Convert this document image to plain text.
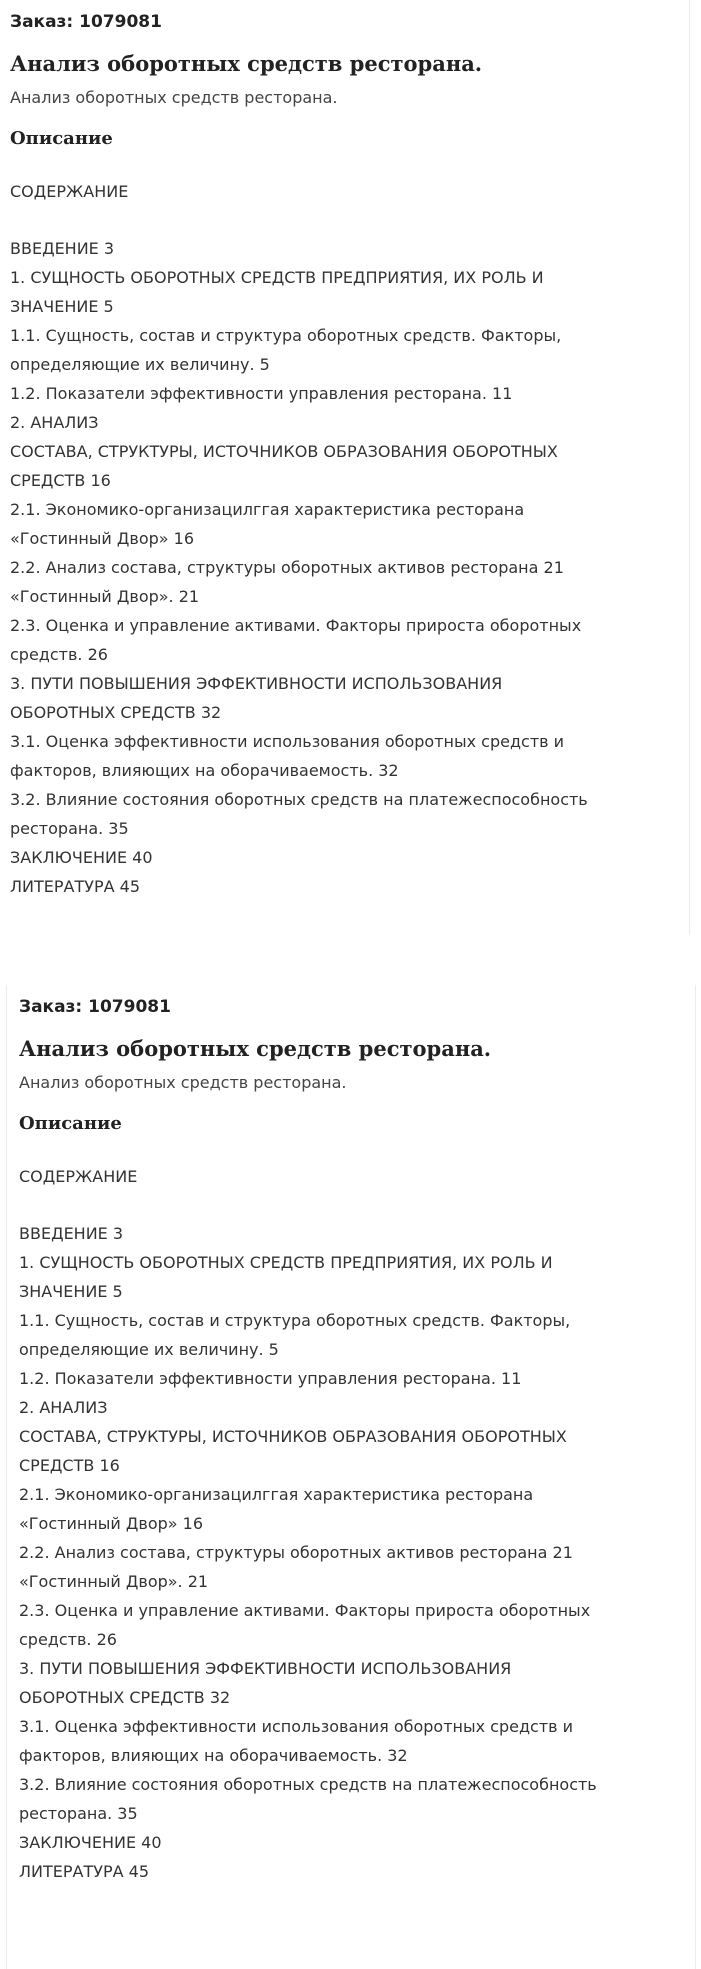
Заказ: 1079081
Анализ оборотных средств ресторана.

Анализ оборотных средств ресторана.

Описание

СОДЕРЖАНИЕ

ВВЕДЕНИЕ 3
1. СУЩНОСТЬ ОБОРОТНЫХ СРЕДСТВ ПРЕДПРИЯТИЯ, ИХ РОЛЬ И
ЗНАЧЕНИЕ 5
1.1. Сущность, состав и структура оборотных средств. Факторы,
определяющие их величину. 5
1.2. Показатели эффективности управления ресторана. 11
2. АНАЛИЗ
СОСТАВА, СТРУКТУРЫ, ИСТОЧНИКОВ ОБРАЗОВАНИЯ ОБОРОТНЫХ
СРЕДСТВ 16
2.1. Экономико-организацилггая характеристика ресторана
«Гостинный Двор» 16
2.2. Анализ состава, структуры оборотных активов ресторана 21
«Гостинный Двор». 21
2.3. Оценка и управление активами. Факторы прироста оборотных
средств. 26
3. ПУТИ ПОВЫШЕНИЯ ЭФФЕКТИВНОСТИ ИСПОЛЬЗОВАНИЯ
ОБОРОТНЫХ СРЕДСТВ 32
3.1. Оценка эффективности использования оборотных средств и
факторов, влияющих на оборачиваемость. 32
3.2. Влияние состояния оборотных средств на платежеспособность
ресторана. 35
ЗАКЛЮЧЕНИЕ 40
ЛИТЕРАТУРА 45
Заказ: 1079081
Анализ оборотных средств ресторана.

Анализ оборотных средств ресторана.

Описание

СОДЕРЖАНИЕ

ВВЕДЕНИЕ 3
1. СУЩНОСТЬ ОБОРОТНЫХ СРЕДСТВ ПРЕДПРИЯТИЯ, ИХ РОЛЬ И
ЗНАЧЕНИЕ 5
1.1. Сущность, состав и структура оборотных средств. Факторы,
определяющие их величину. 5
1.2. Показатели эффективности управления ресторана. 11
2. АНАЛИЗ
СОСТАВА, СТРУКТУРЫ, ИСТОЧНИКОВ ОБРАЗОВАНИЯ ОБОРОТНЫХ
СРЕДСТВ 16
2.1. Экономико-организацилггая характеристика ресторана
«Гостинный Двор» 16
2.2. Анализ состава, структуры оборотных активов ресторана 21
«Гостинный Двор». 21
2.3. Оценка и управление активами. Факторы прироста оборотных
средств. 26
3. ПУТИ ПОВЫШЕНИЯ ЭФФЕКТИВНОСТИ ИСПОЛЬЗОВАНИЯ
ОБОРОТНЫХ СРЕДСТВ 32
3.1. Оценка эффективности использования оборотных средств и
факторов, влияющих на оборачиваемость. 32
3.2. Влияние состояния оборотных средств на платежеспособность
ресторана. 35
ЗАКЛЮЧЕНИЕ 40
ЛИТЕРАТУРА 45
